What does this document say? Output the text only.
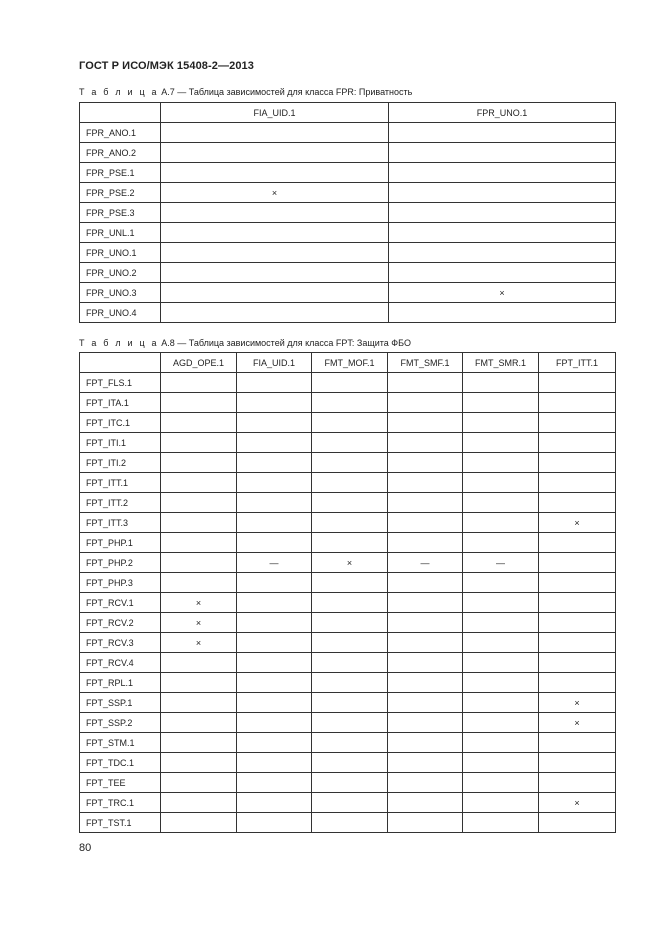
ГОСТ Р ИСО/МЭК 15408-2—2013
Т а б л и ц а А.7 — Таблица зависимостей для класса FPR: Приватность
	FIA_UID.1	FPR_UNO.1
FPR_ANO.1		
FPR_ANO.2		
FPR_PSE.1		
FPR_PSE.2	×	
FPR_PSE.3		
FPR_UNL.1		
FPR_UNO.1		
FPR_UNO.2		
FPR_UNO.3		×
FPR_UNO.4		
Т а б л и ц а А.8 — Таблица зависимостей для класса FPT: Защита ФБО
	AGD_OPE.1	FIA_UID.1	FMT_MOF.1	FMT_SMF.1	FMT_SMR.1	FPT_ITT.1
FPT_FLS.1						
FPT_ITA.1						
FPT_ITC.1						
FPT_ITI.1						
FPT_ITI.2						
FPT_ITT.1						
FPT_ITT.2						
FPT_ITT.3						×
FPT_PHP.1						
FPT_PHP.2		—	×	—	—	
FPT_PHP.3						
FPT_RCV.1	×					
FPT_RCV.2	×					
FPT_RCV.3	×					
FPT_RCV.4						
FPT_RPL.1						
FPT_SSP.1						×
FPT_SSP.2						×
FPT_STM.1						
FPT_TDC.1						
FPT_TEE						
FPT_TRC.1						×
FPT_TST.1						
80
